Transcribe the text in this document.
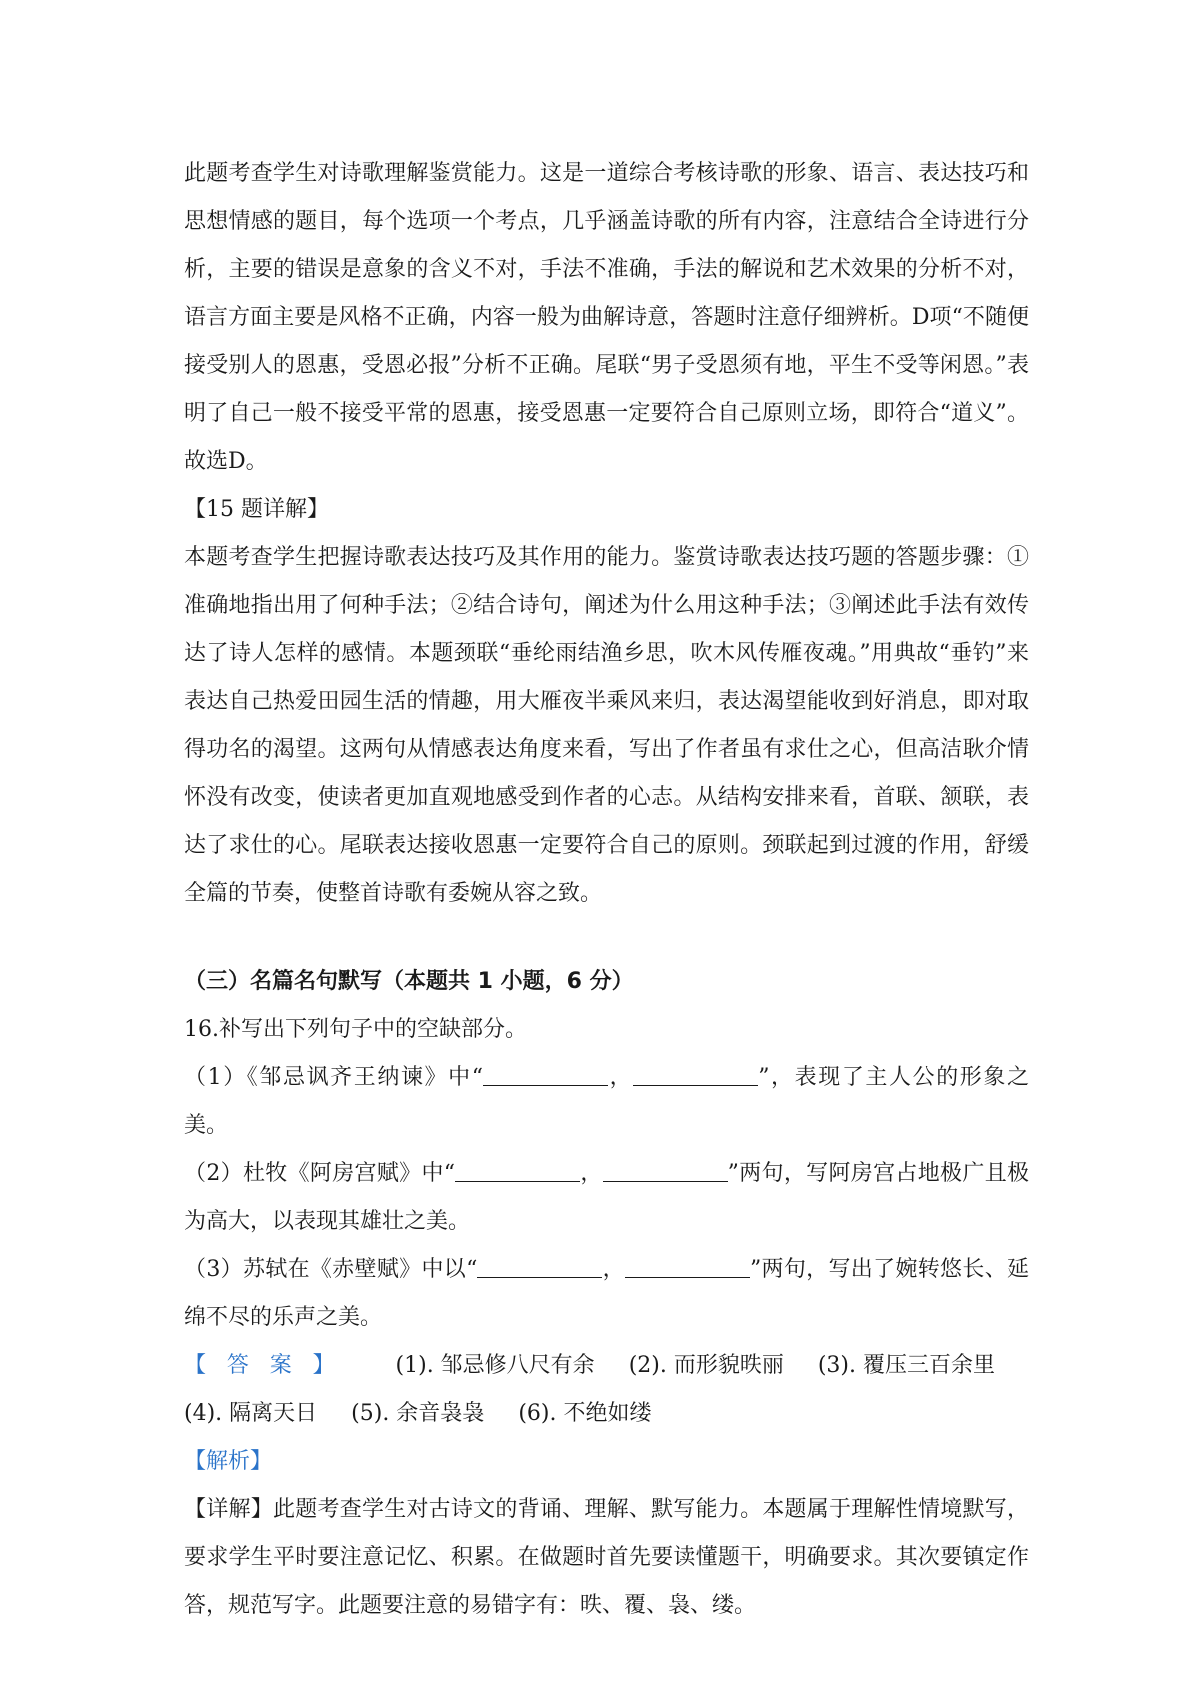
此题考查学生对诗歌理解鉴赏能力。这是一道综合考核诗歌的形象、语言、表达技巧和思想情感的题目，每个选项一个考点，几乎涵盖诗歌的所有内容，注意结合全诗进行分析，主要的错误是意象的含义不对，手法不准确，手法的解说和艺术效果的分析不对，语言方面主要是风格不正确，内容一般为曲解诗意，答题时注意仔细辨析。D项“不随便接受别人的恩惠，受恩必报”分析不正确。尾联“男子受恩须有地，平生不受等闲恩。”表明了自己一般不接受平常的恩惠，接受恩惠一定要符合自己原则立场，即符合“道义”。故选D。

【15 题详解】

本题考查学生把握诗歌表达技巧及其作用的能力。鉴赏诗歌表达技巧题的答题步骤：①准确地指出用了何种手法；②结合诗句，阐述为什么用这种手法；③阐述此手法有效传达了诗人怎样的感情。本题颈联“垂纶雨结渔乡思，吹木风传雁夜魂。”用典故“垂钓”来表达自己热爱田园生活的情趣，用大雁夜半乘风来归，表达渴望能收到好消息，即对取得功名的渴望。这两句从情感表达角度来看，写出了作者虽有求仕之心，但高洁耿介情怀没有改变，使读者更加直观地感受到作者的心志。从结构安排来看，首联、颔联，表达了求仕的心。尾联表达接收恩惠一定要符合自己的原则。颈联起到过渡的作用，舒缓全篇的节奏，使整首诗歌有委婉从容之致。

（三）名篇名句默写（本题共 1 小题，6 分）

16.补写出下列句子中的空缺部分。

（1）《邹忌讽齐王纳谏》中“	，	”，表现了主人公的形象之美。

（2）杜牧《阿房宫赋》中“	，	”两句，写阿房宫占地极广且极为高大，以表现其雄壮之美。

（3）苏轼在《赤壁赋》中以“	，	”两句，写出了婉转悠长、延绵不尽的乐声之美。

【答案】 (1). 邹忌修八尺有余 (2). 而形貌昳丽 (3). 覆压三百余里(4). 隔离天日 (5). 余音袅袅 (6). 不绝如缕

【解析】

【详解】此题考查学生对古诗文的背诵、理解、默写能力。本题属于理解性情境默写，要求学生平时要注意记忆、积累。在做题时首先要读懂题干，明确要求。其次要镇定作答，规范写字。此题要注意的易错字有：昳、覆、袅、缕。
